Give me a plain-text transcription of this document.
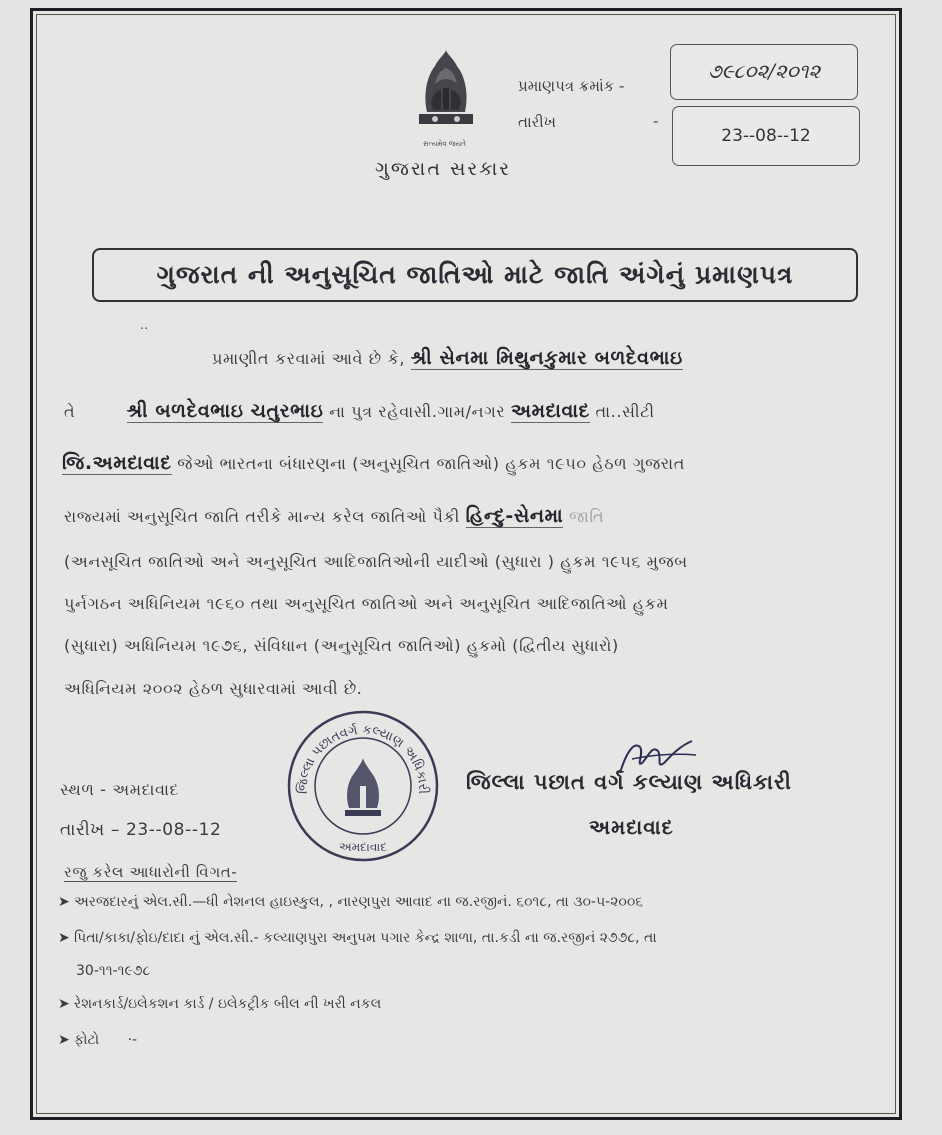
સત્યમેવ જયતે
ગુજરાત સરકાર
પ્રમાણપત્ર ક્રમાંક -
૭૯૮૦૨/૨૦૧૨
તારીખ	-
23--08--12
ગુજરાત ની અનુસૂચિત જાતિઓ માટે જાતિ અંગેનું પ્રમાણપત્ર
..
પ્રમાણીત કરવામાં આવે છે કે, શ્રી સેનમા મિથુનકુમાર બળદેવભાઇ
તે	શ્રી બળદેવભાઇ ચતુરભાઇ ના પુત્ર રહેવાસી.ગામ/નગર અમદાવાદ તા..સીટી
જિ.અમદાવાદ જેઓ ભારતના બંધારણના (અનુસૂચિત જાતિઓ) હુકમ ૧૯૫૦ હેઠળ ગુજરાત
રાજ્યમાં અનુસૂચિત જાતિ તરીકે માન્ય કરેલ જાતિઓ પૈકી હિન્દુ-સેનમા જાતિ
(અનસૂચિત જાતિઓ અને અનુસૂચિત આદિજાતિઓની યાદીઓ (સુધારા ) હુકમ ૧૯૫૬ મુજબ
પુર્નગઠન અધિનિયમ ૧૯૬૦ તથા અનુસૂચિત જાતિઓ અને અનુસૂચિત આદિજાતિઓ હુકમ
(સુધારા) અધિનિયમ ૧૯૭૬, સંવિધાન (અનુસૂચિત જાતિઓ) હુકમો (દ્વિતીય સુધારો)
અધિનિયમ ૨૦૦૨ હેઠળ સુધારવામાં આવી છે.
સ્થળ - અમદાવાદ
તારીખ – 23--08--12
જિલ્લા પછાતવર્ગ કલ્યાણ અધિકારી
અમદાવાદ
જિલ્લા પછાત વર્ગ કલ્યાણ અધિકારી
અમદાવાદ
રજુ કરેલ આધારોની વિગત-
➤ અરજદારનું એલ.સી.—ધી નેશનલ હાઇસ્કુલ, , નારણપુરા આવાદ ના જ.રજીનં. ૬૦૧૮, તા ૩૦-૫-૨૦૦૬
➤ પિતા/કાકા/ફોઇ/દાદા નું એલ.સી.- કલ્યાણપુરા અનુપમ પગાર કેન્દ્ર શાળા, તા.કડી ના જ.રજીનં ૨૭૭૮, તા
30-૧૧-૧૯૭૮
➤ રેશનકાર્ડ/ઇલેકશન કાર્ડ / ઇલેકટ્રીક બીલ ની ખરી નકલ
➤ ફોટો ·-
